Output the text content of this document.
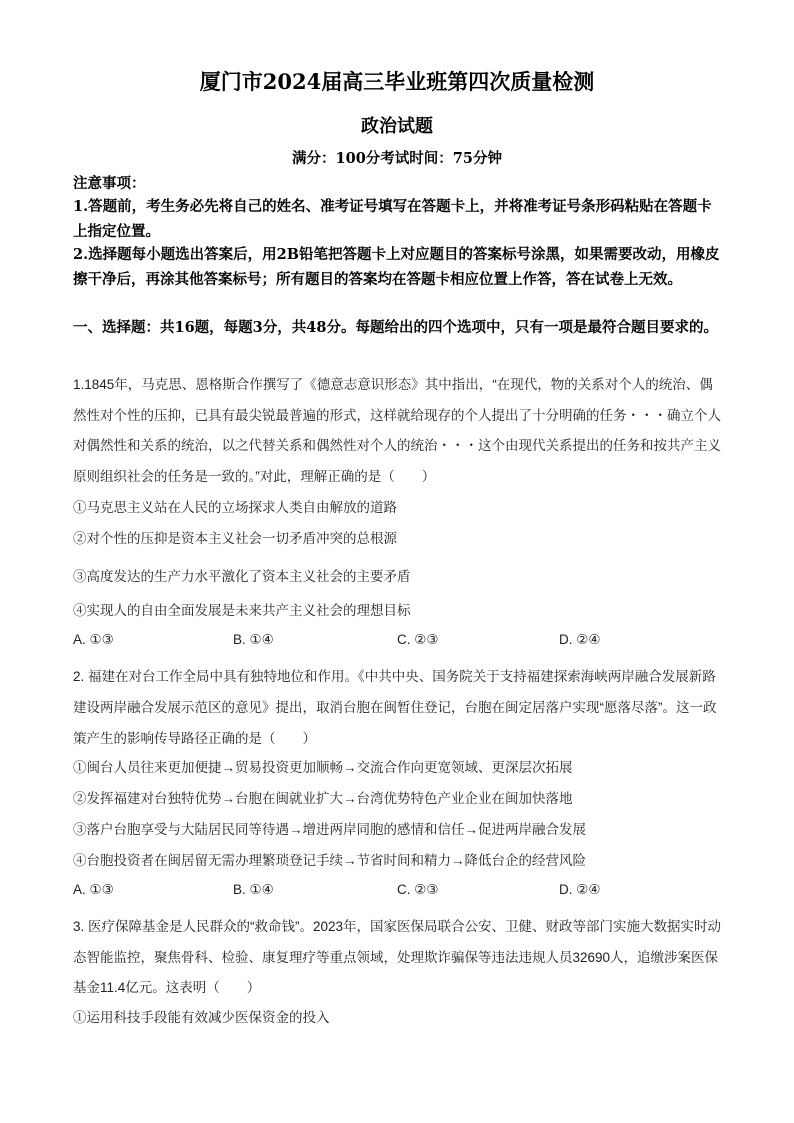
厦门市2024届高三毕业班第四次质量检测
政治试题
满分：100分考试时间：75分钟
注意事项：
1.答题前，考生务必先将自己的姓名、准考证号填写在答题卡上，并将准考证号条形码粘贴在答题卡上指定位置。
2.选择题每小题选出答案后，用2B铅笔把答题卡上对应题目的答案标号涂黑，如果需要改动，用橡皮擦干净后，再涂其他答案标号；所有题目的答案均在答题卡相应位置上作答，答在试卷上无效。
一、选择题：共16题，每题3分，共48分。每题给出的四个选项中，只有一项是最符合题目要求的。
1.1845年，马克思、恩格斯合作撰写了《德意志意识形态》其中指出，“在现代，物的关系对个人的统治、偶然性对个性的压抑，已具有最尖锐最普遍的形式，这样就给现存的个人提出了十分明确的任务・・・确立个人对偶然性和关系的统治，以之代替关系和偶然性对个人的统治・・・这个由现代关系提出的任务和按共产主义原则组织社会的任务是一致的。”对此，理解正确的是（　　）
①马克思主义站在人民的立场探求人类自由解放的道路
②对个性的压抑是资本主义社会一切矛盾冲突的总根源
③高度发达的生产力水平激化了资本主义社会的主要矛盾
④实现人的自由全面发展是未来共产主义社会的理想目标
A. ①③	B. ①④	C. ②③	D. ②④
2. 福建在对台工作全局中具有独特地位和作用。《中共中央、国务院关于支持福建探索海峡两岸融合发展新路建设两岸融合发展示范区的意见》提出，取消台胞在闽暂住登记，台胞在闽定居落户实现“愿落尽落”。这一政策产生的影响传导路径正确的是（　　）
①闽台人员往来更加便捷→贸易投资更加顺畅→交流合作向更宽领域、更深层次拓展
②发挥福建对台独特优势→台胞在闽就业扩大→台湾优势特色产业企业在闽加快落地
③落户台胞享受与大陆居民同等待遇→增进两岸同胞的感情和信任→促进两岸融合发展
④台胞投资者在闽居留无需办理繁琐登记手续→节省时间和精力→降低台企的经营风险
A. ①③	B. ①④	C. ②③	D. ②④
3. 医疗保障基金是人民群众的“救命钱”。2023年，国家医保局联合公安、卫健、财政等部门实施大数据实时动态智能监控，聚焦骨科、检验、康复理疗等重点领域，处理欺诈骗保等违法违规人员32690人，追缴涉案医保基金11.4亿元。这表明（　　）
①运用科技手段能有效减少医保资金的投入
